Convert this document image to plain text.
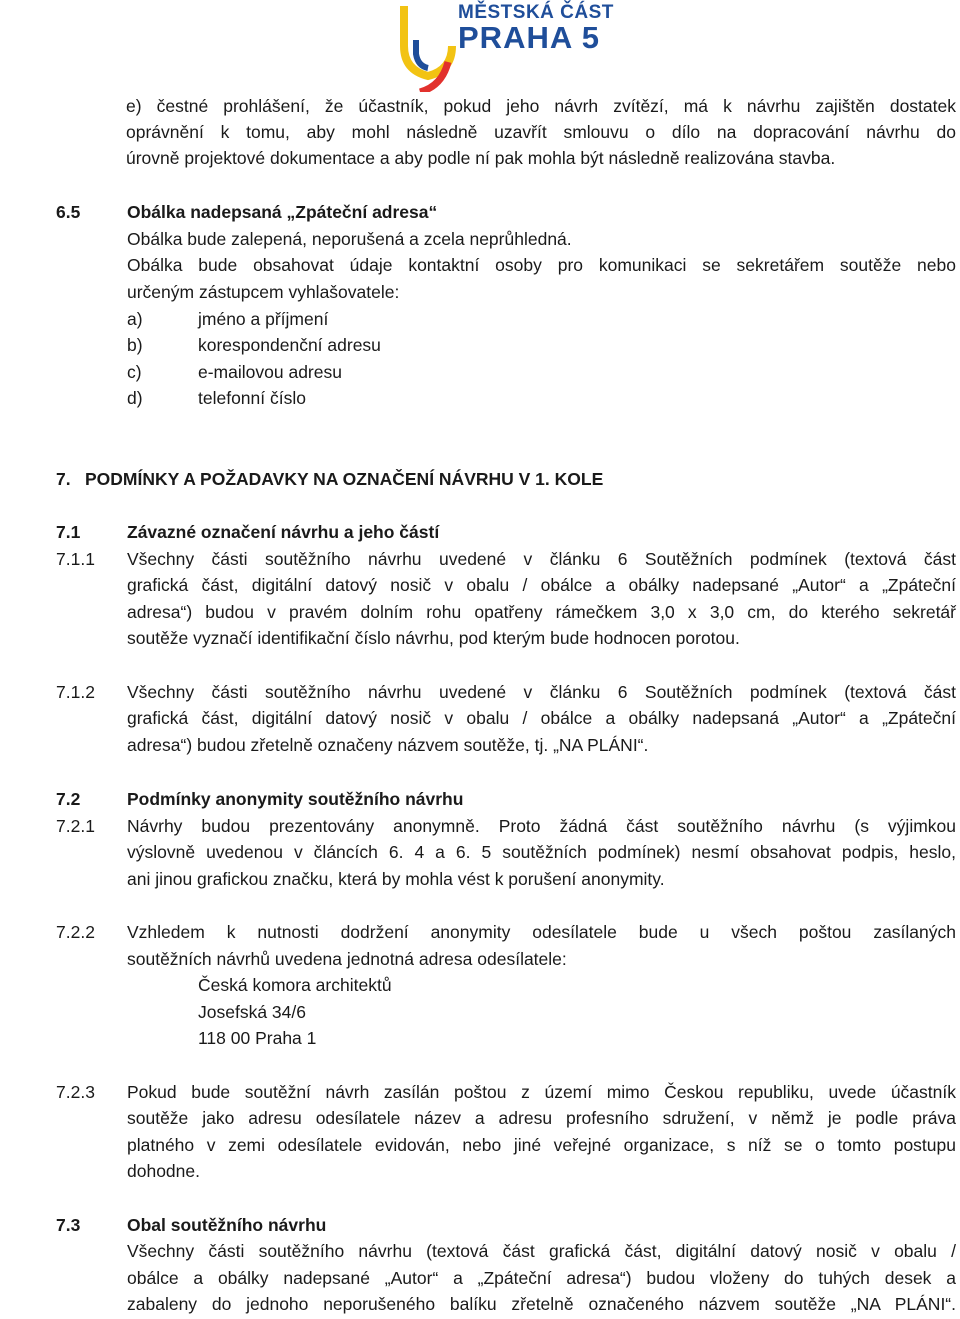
MĚSTSKÁ ČÁST
PRAHA 5
e) čestné prohlášení, že účastník, pokud jeho návrh zvítězí, má k návrhu zajištěn dostatek
oprávnění k tomu, aby mohl následně uzavřít smlouvu o dílo na dopracování návrhu do
úrovně projektové dokumentace a aby podle ní pak mohla být následně realizována stavba.
6.5	Obálka nadepsaná „Zpáteční adresa“
Obálka bude zalepená, neporušená a zcela neprůhledná.
Obálka bude obsahovat údaje kontaktní osoby pro komunikaci se sekretářem soutěže nebo
určeným zástupcem vyhlašovatele:
a)	jméno a příjmení
b)	korespondenční adresu
c)	e-mailovou adresu
d)	telefonní číslo
7. PODMÍNKY A POŽADAVKY NA OZNAČENÍ NÁVRHU V 1. KOLE
7.1	Závazné označení návrhu a jeho částí
7.1.1 Všechny části soutěžního návrhu uvedené v článku 6 Soutěžních podmínek (textová část
grafická část, digitální datový nosič v obalu / obálce a obálky nadepsané „Autor“ a „Zpáteční
adresa“) budou v pravém dolním rohu opatřeny rámečkem 3,0 x 3,0 cm, do kterého sekretář
soutěže vyznačí identifikační číslo návrhu, pod kterým bude hodnocen porotou.
7.1.2 Všechny části soutěžního návrhu uvedené v článku 6 Soutěžních podmínek (textová část
grafická část, digitální datový nosič v obalu / obálce a obálky nadepsaná „Autor“ a „Zpáteční
adresa“) budou zřetelně označeny názvem soutěže, tj. „NA PLÁNI“.
7.2	Podmínky anonymity soutěžního návrhu
7.2.1 Návrhy budou prezentovány anonymně. Proto žádná část soutěžního návrhu (s výjimkou
výslovně uvedenou v článcích 6. 4 a 6. 5 soutěžních podmínek) nesmí obsahovat podpis, heslo,
ani jinou grafickou značku, která by mohla vést k porušení anonymity.
7.2.2 Vzhledem k nutnosti dodržení anonymity odesílatele bude u všech poštou zasílaných
soutěžních návrhů uvedena jednotná adresa odesílatele:
Česká komora architektů
Josefská 34/6
118 00 Praha 1
7.2.3 Pokud bude soutěžní návrh zasílán poštou z území mimo Českou republiku, uvede účastník
soutěže jako adresu odesílatele název a adresu profesního sdružení, v němž je podle práva
platného v zemi odesílatele evidován, nebo jiné veřejné organizace, s níž se o tomto postupu
dohodne.
7.3	Obal soutěžního návrhu
Všechny části soutěžního návrhu (textová část grafická část, digitální datový nosič v obalu /
obálce a obálky nadepsané „Autor“ a „Zpáteční adresa“) budou vloženy do tuhých desek a
zabaleny do jednoho neporušeného balíku zřetelně označeného názvem soutěže „NA PLÁNI“.
